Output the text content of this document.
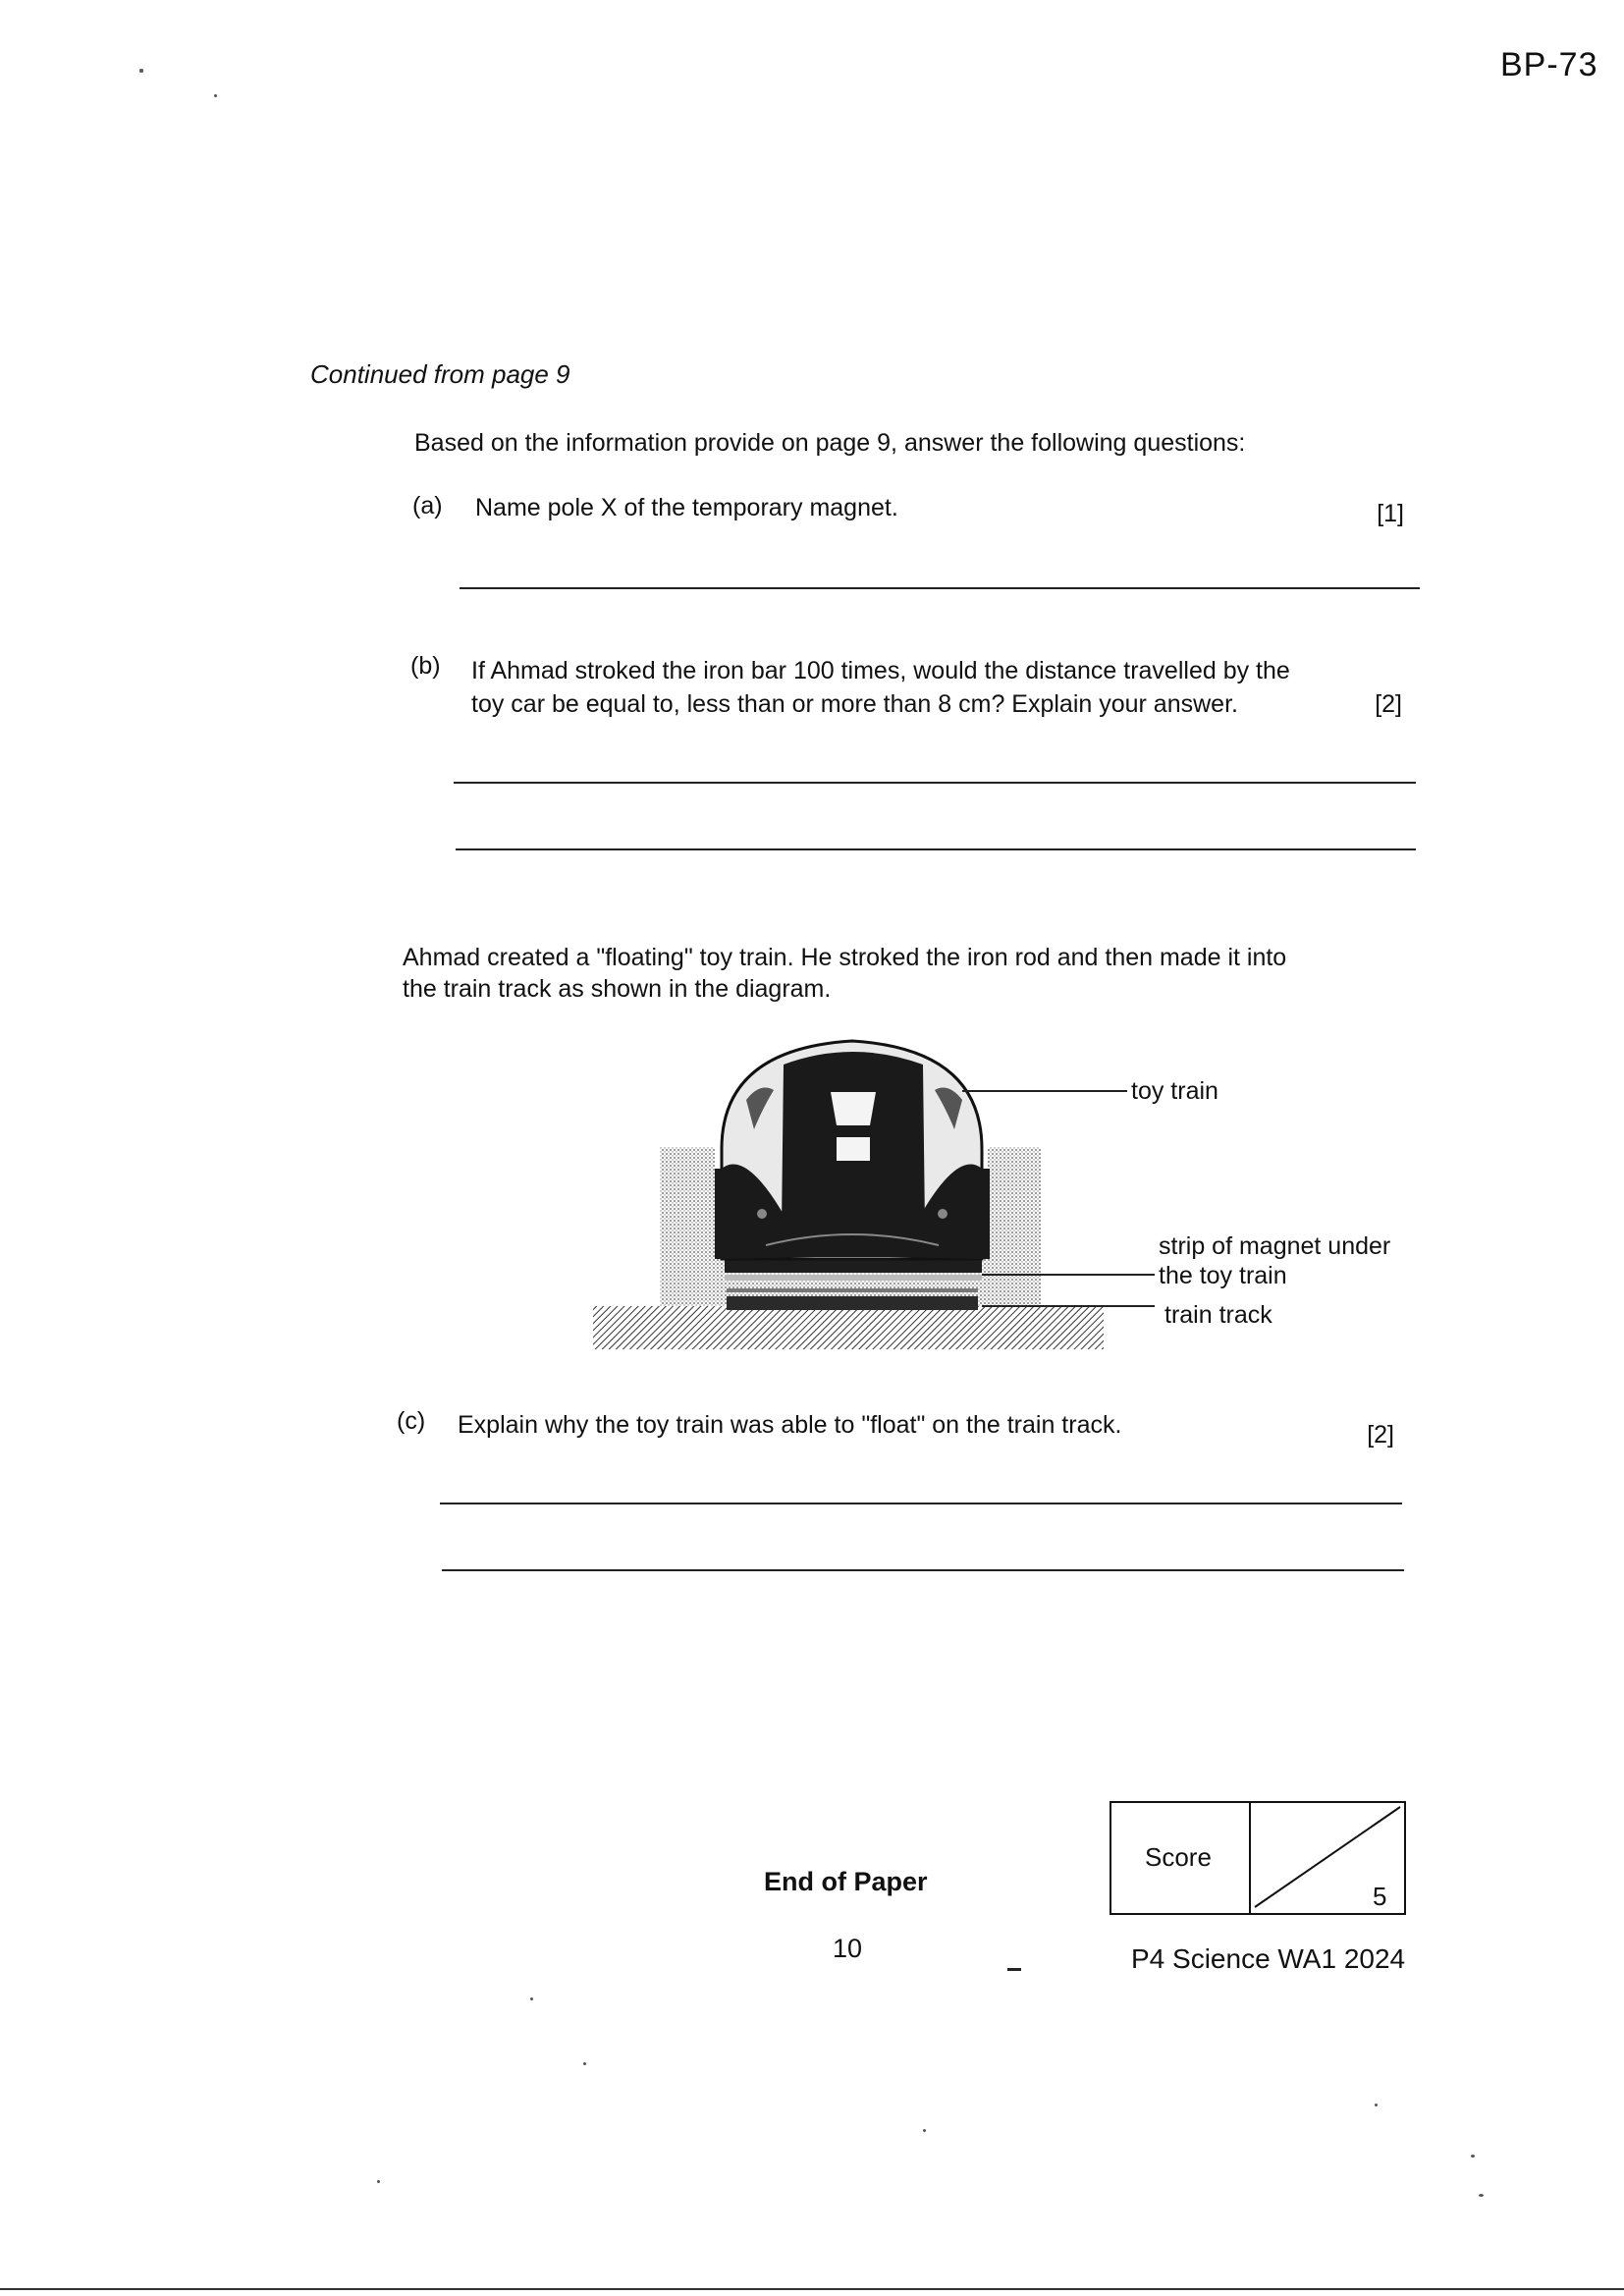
BP-73
Continued from page 9
Based on the information provide on page 9, answer the following questions:
(a) Name pole X of the temporary magnet.	[1]
(b) If Ahmad stroked the iron bar 100 times, would the distance travelled by the
toy car be equal to, less than or more than 8 cm? Explain your answer.	[2]
Ahmad created a "floating" toy train. He stroked the iron rod and then made it into
the train track as shown in the diagram.
toy train
strip of magnet under
the toy train
train track
(c) Explain why the toy train was able to "float" on the train track.	[2]
End of Paper
10
Score
5
P4 Science WA1 2024
